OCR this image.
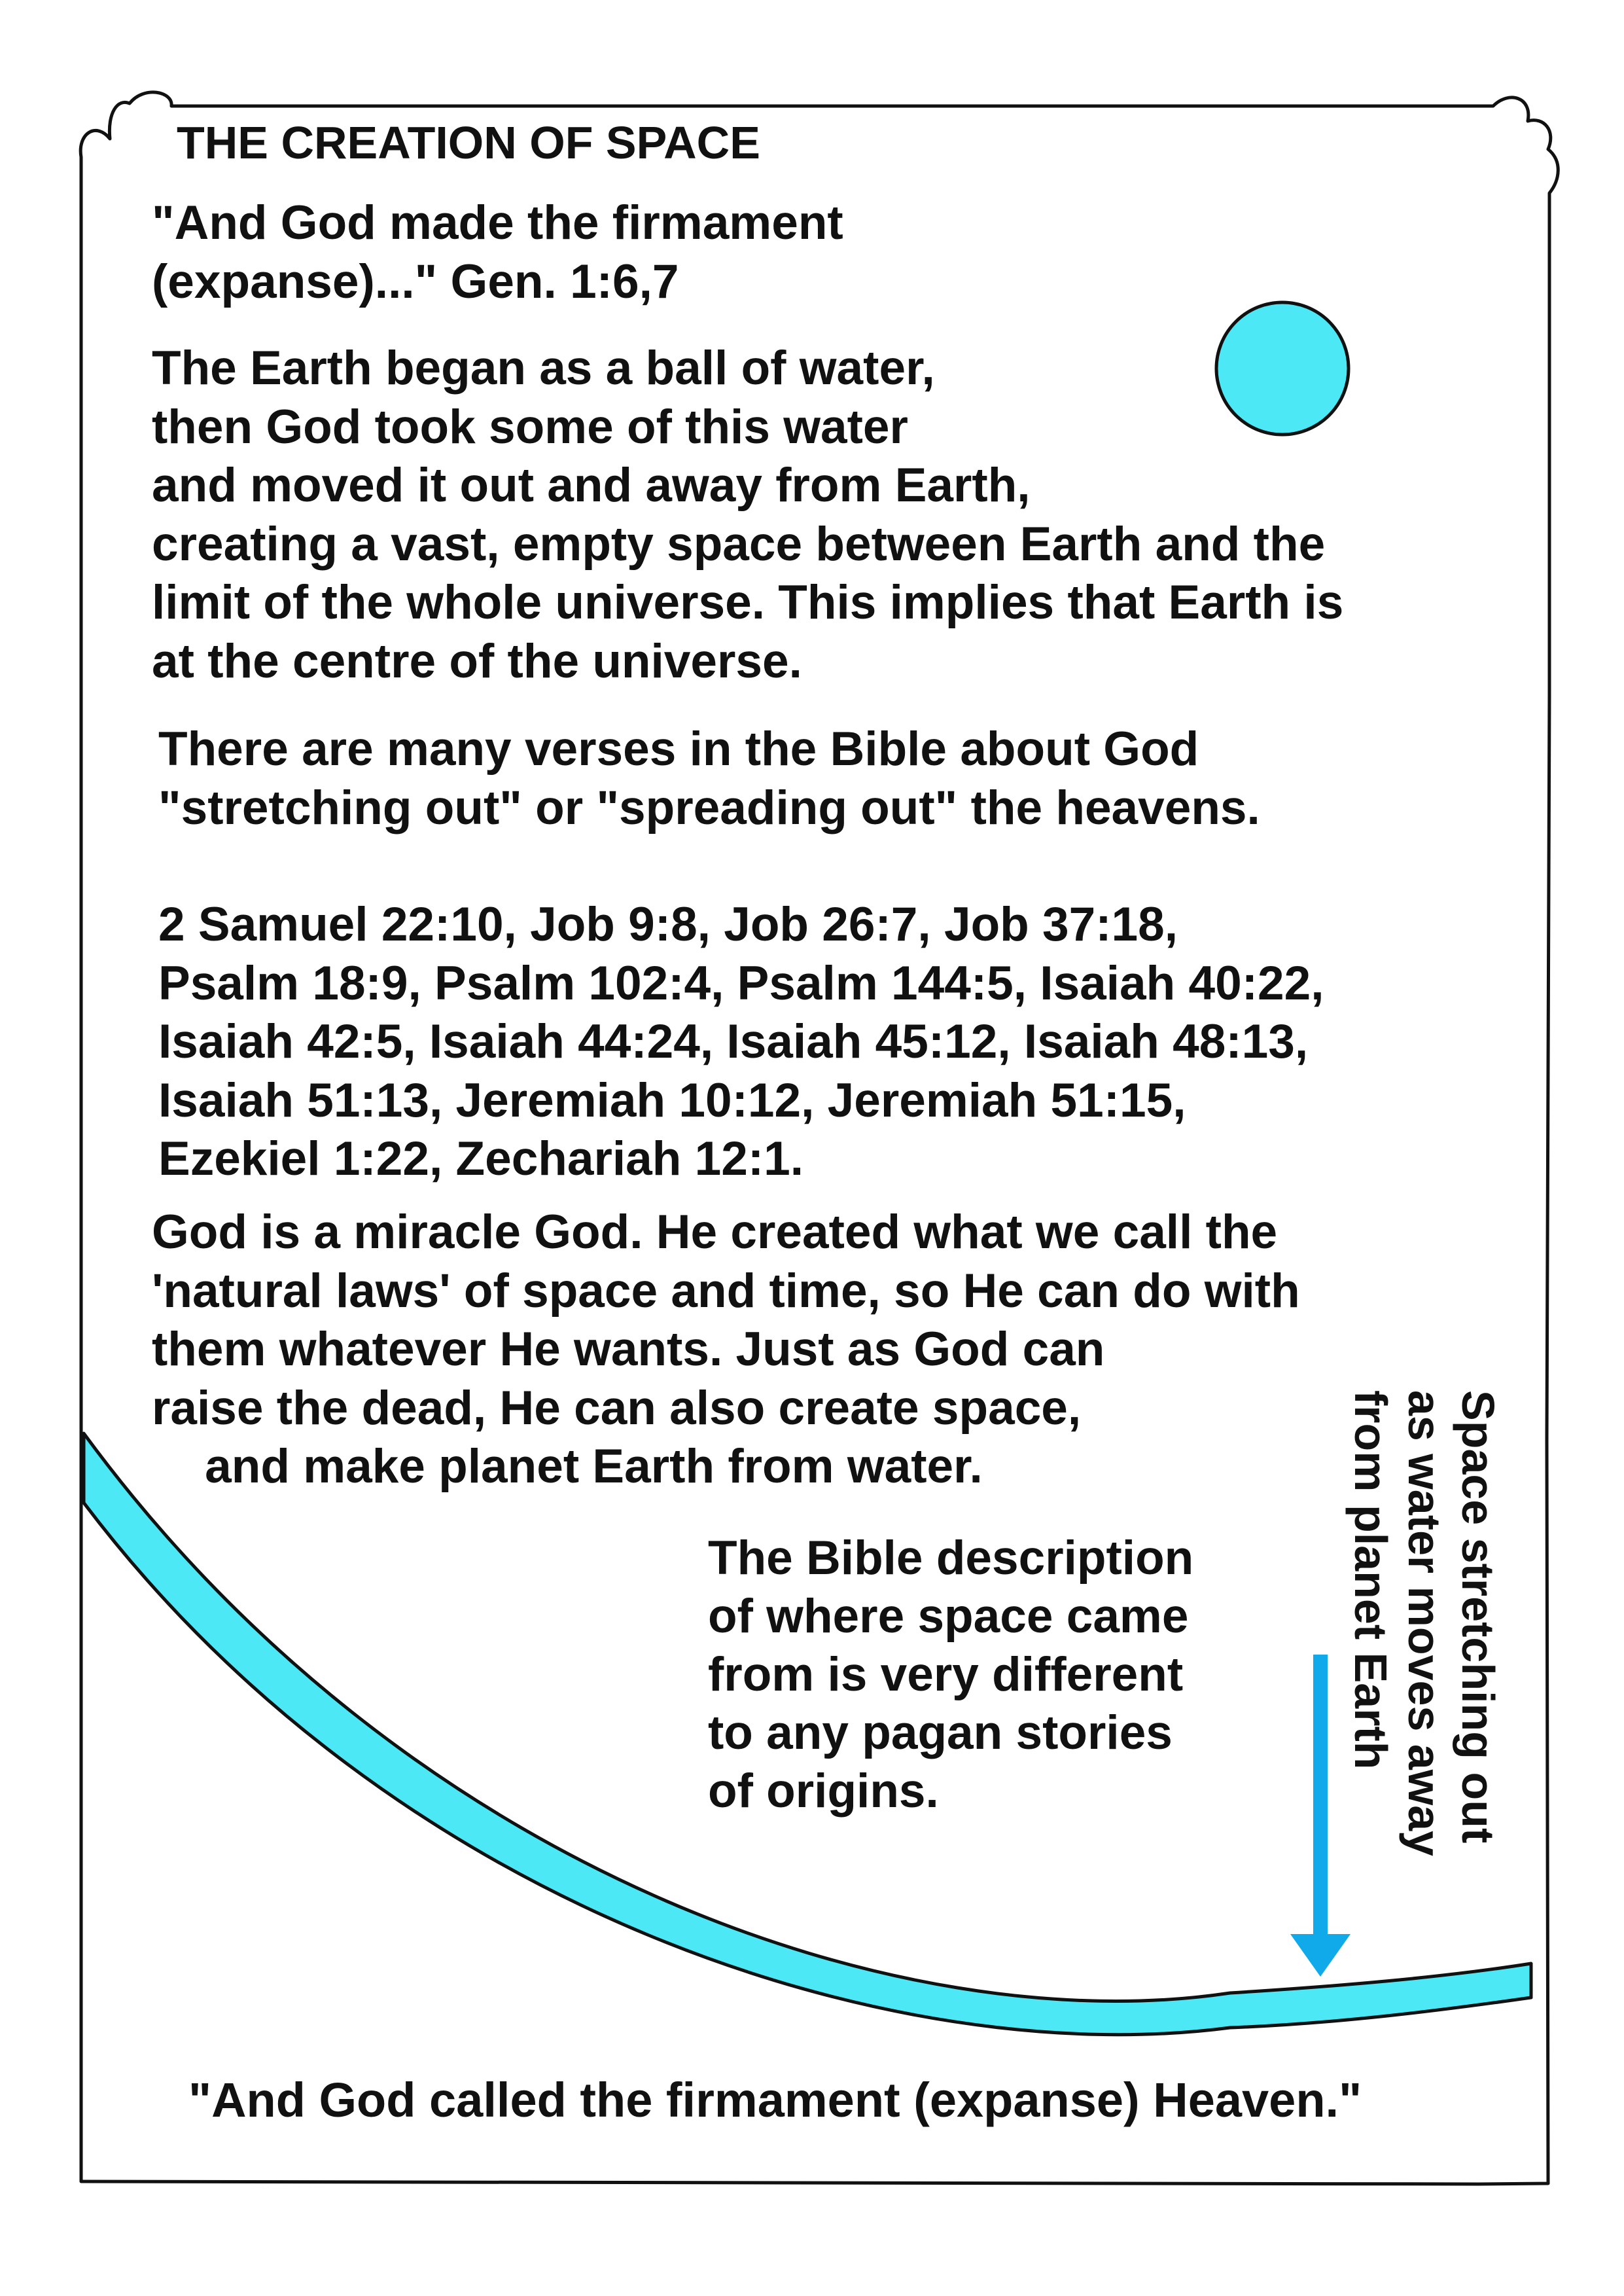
THE CREATION OF SPACE

"And God made the firmament
(expanse)..." Gen. 1:6,7

The Earth began as a ball of water,
then God took some of this water
and moved it out and away from Earth,
creating a vast, empty space between Earth and the
limit of the whole universe. This implies that Earth is
at the centre of the universe.

There are many verses in the Bible about God
"stretching out" or "spreading out" the heavens.

2 Samuel 22:10, Job 9:8, Job 26:7, Job 37:18,
Psalm 18:9, Psalm 102:4, Psalm 144:5, Isaiah 40:22,
Isaiah 42:5, Isaiah 44:24, Isaiah 45:12, Isaiah 48:13,
Isaiah 51:13, Jeremiah 10:12, Jeremiah 51:15,
Ezekiel 1:22, Zechariah 12:1.

God is a miracle God. He created what we call the
'natural laws' of space and time, so He can do with
them whatever He wants. Just as God can
raise the dead, He can also create space,
and make planet Earth from water.

The Bible description
of where space came
from is very different
to any pagan stories
of origins.

Space stretching out
as water moves away
from planet Earth

"And God called the firmament (expanse) Heaven."
